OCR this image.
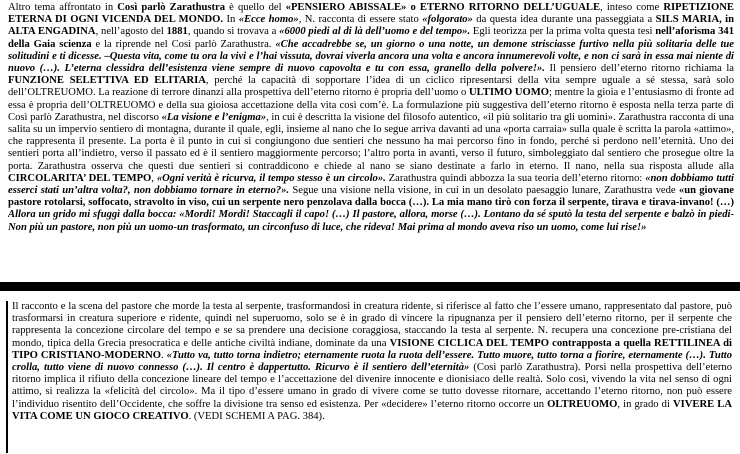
Altro tema affrontato in Così parlò Zarathustra è quello del «PENSIERO ABISSALE» o ETERNO RITORNO DELL’UGUALE, inteso come RIPETIZIONE ETERNA DI OGNI VICENDA DEL MONDO. In «Ecce homo», N. racconta di essere stato «folgorato» da questa idea durante una passeggiata a SILS MARIA, in ALTA ENGADINA, nell’agosto del 1881, quando si trovava a «6000 piedi al di là dell’uomo e del tempo». Egli teorizza per la prima volta questa tesi nell’aforisma 341 della Gaia scienza e la riprende nel Così parlò Zarathustra. «Che accadrebbe se, un giorno o una notte, un demone strisciasse furtivo nella più solitaria delle tue solitudini e ti dicesse. –Questa vita, come tu ora la vivi e l’hai vissuta, dovrai viverla ancora una volta e ancora innumerevoli volte, e non ci sarà in essa mai niente di nuovo (…). L’eterna clessidra dell’esistenza viene sempre di nuovo capovolta e tu con essa, granello della polvere!». Il pensiero dell’eterno ritorno richiama la FUNZIONE SELETTIVA ED ELITARIA, perché la capacità di sopportare l’idea di un ciclico ripresentarsi della vita sempre uguale a sé stessa, sarà solo dell’OLTREUOMO. La reazione di terrore dinanzi alla prospettiva dell’eterno ritorno è propria dell’uomo o ULTIMO UOMO; mentre la gioia e l’entusiasmo di fronte ad essa è propria dell’OLTREUOMO e della sua gioiosa accettazione della vita così com’è. La formulazione più suggestiva dell’eterno ritorno è esposta nella terza parte di Così parlò Zarathustra, nel discorso «La visione e l’enigma», in cui è descritta la visione del filosofo autentico, «il più solitario tra gli uomini». Zarathustra racconta di una salita su un impervio sentiero di montagna, durante il quale, egli, insieme al nano che lo segue arriva davanti ad una «porta carraia» sulla quale è scritta la parola «attimo», che rappresenta il presente. La porta è il punto in cui si congiungono due sentieri che nessuno ha mai percorso fino in fondo, perché si perdono nell’eternità. Uno dei sentieri porta all’indietro, verso il passato ed è il sentiero maggiormente percorso; l’altro porta in avanti, verso il futuro, simboleggiato dal sentiero che prosegue oltre la porta. Zarathustra osserva che questi due sentieri si contraddicono e chiede al nano se siano destinate a farlo in eterno. Il nano, nella sua risposta allude alla CIRCOLARITA’ DEL TEMPO, «Ogni verità è ricurva, il tempo stesso è un circolo». Zarathustra quindi abbozza la sua teoria dell’eterno ritorno: «non dobbiamo tutti esserci stati un’altra volta?, non dobbiamo tornare in eterno?». Segue una visione nella visione, in cui in un desolato paesaggio lunare, Zarathustra vede «un giovane pastore rotolarsi, soffocato, stravolto in viso, cui un serpente nero penzolava dalla bocca (…). La mia mano tirò con forza il serpente, tirava e tirava-invano! (…) Allora un grido mi sfuggì dalla bocca: «Mordi! Mordi! Staccagli il capo! (…) Il pastore, allora, morse (…). Lontano da sé sputò la testa del serpente e balzò in piedi- Non più un pastore, non più un uomo-un trasformato, un circonfuso di luce, che rideva! Mai prima al mondo aveva riso un uomo, come lui rise!»
Il racconto e la scena del pastore che morde la testa al serpente, trasformandosi in creatura ridente, si riferisce al fatto che l’essere umano, rappresentato dal pastore, può trasformarsi in creatura superiore e ridente, quindi nel superuomo, solo se è in grado di vincere la ripugnanza per il pensiero dell’eterno ritorno, per il serpente che rappresenta la concezione circolare del tempo e se sa prendere una decisione coraggiosa, staccando la testa al serpente. N. recupera una concezione pre-cristiana del mondo, tipica della Grecia presocratica e delle antiche civiltà indiane, dominate da una VISIONE CICLICA DEL TEMPO contrapposta a quella RETTILINEA di TIPO CRISTIANO-MODERNO. «Tutto va, tutto torna indietro; eternamente ruota la ruota dell’essere. Tutto muore, tutto torna a fiorire, eternamente (…). Tutto crolla, tutto viene di nuovo connesso (…). Il centro è dappertutto. Ricurvo è il sentiero dell’eternità» (Così parlò Zarathustra). Porsi nella prospettiva dell’eterno ritorno implica il rifiuto della concezione lineare del tempo e l’accettazione del divenire innocente e dionisiaco delle realtà. Solo così, vivendo la vita nel senso di ogni attimo, si realizza la «felicità del circolo». Ma il tipo d’essere umano in grado di vivere come se tutto dovesse ritornare, accettando l’eterno ritorno, non può essere l’individuo risentito dell’Occidente, che soffre la divisione tra senso ed esistenza. Per «decidere» l’eterno ritorno occorre un OLTREUOMO, in grado di VIVERE LA VITA COME UN GIOCO CREATIVO. (VEDI SCHEMI A PAG. 384).
